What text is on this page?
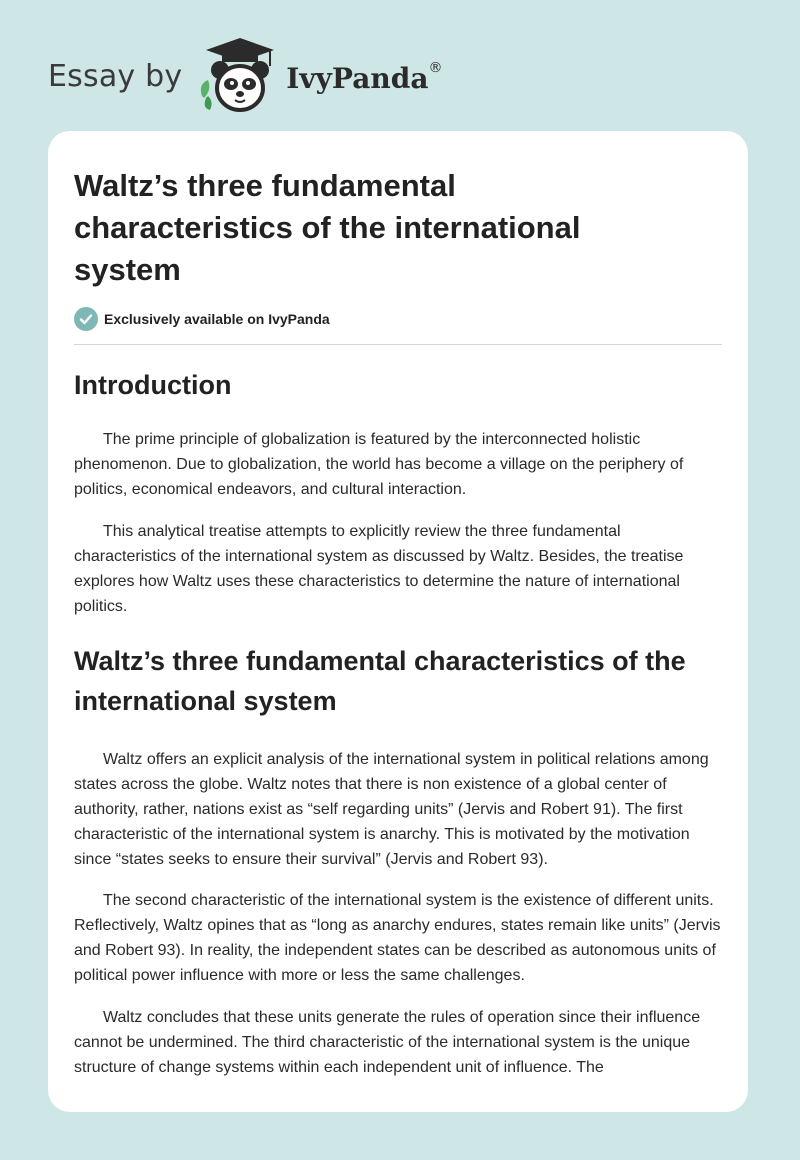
Essay by	IvyPanda®
Waltz’s three fundamental characteristics of the international system
Exclusively available on IvyPanda
Introduction

The prime principle of globalization is featured by the interconnected holistic phenomenon. Due to globalization, the world has become a village on the periphery of politics, economical endeavors, and cultural interaction.

This analytical treatise attempts to explicitly review the three fundamental characteristics of the international system as discussed by Waltz. Besides, the treatise explores how Waltz uses these characteristics to determine the nature of international politics.

Waltz’s three fundamental characteristics of the international system

Waltz offers an explicit analysis of the international system in political relations among states across the globe. Waltz notes that there is non existence of a global center of authority, rather, nations exist as “self regarding units” (Jervis and Robert 91). The first characteristic of the international system is anarchy. This is motivated by the motivation since “states seeks to ensure their survival” (Jervis and Robert 93).

The second characteristic of the international system is the existence of different units. Reflectively, Waltz opines that as “long as anarchy endures, states remain like units” (Jervis and Robert 93). In reality, the independent states can be described as autonomous units of political power influence with more or less the same challenges.

Waltz concludes that these units generate the rules of operation since their influence cannot be undermined. The third characteristic of the international system is the unique structure of change systems within each independent unit of influence. The
